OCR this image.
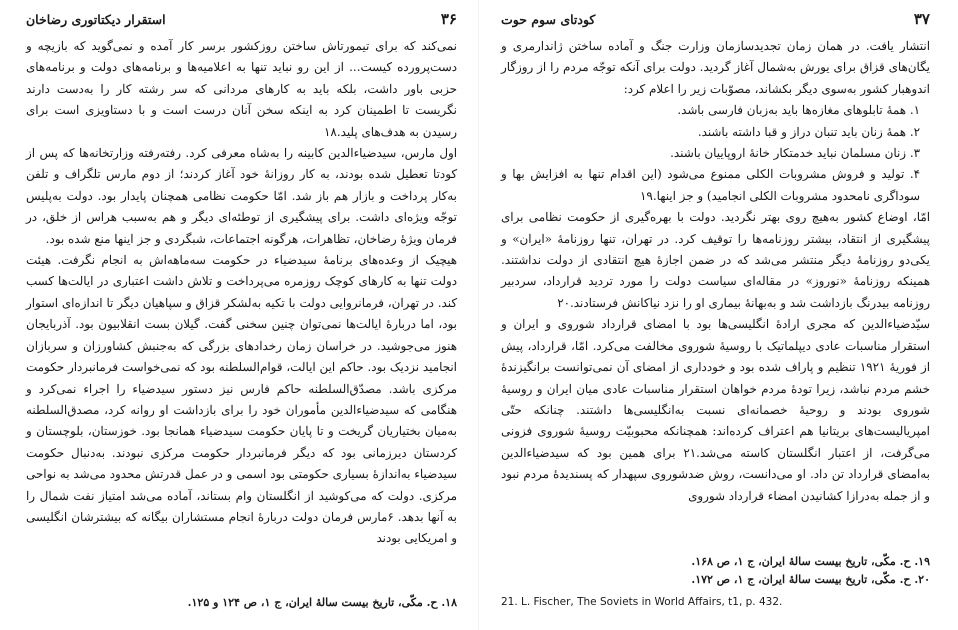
۳۶
استقرار دیکتاتوری رضاخان

نمی‌کند که برای تیمورتاش ساختن روزکشور برسر کار آمده و نمی‌گوید که بازیچه و دست‌پرورده کیست... از این رو نباید تنها به اعلامیه‌ها و برنامه‌های دولت و برنامه‌های حزبی باور داشت، بلکه باید به کارهای مردانی که سر رشته کار را به‌دست دارند نگریست تا اطمینان کرد به اینکه سخن آنان درست است و با دستاویزی است برای رسیدن به هدف‌های پلید.۱۸

اول مارس، سیدضیاءالدین کابینه را به‌شاه معرفی کرد. رفته‌رفته وزارتخانه‌ها که پس از کودتا تعطیل شده بودند، به کار روزانهٔ خود آغاز کردند؛ از دوم مارس تلگراف و تلفن به‌کار پرداخت و بازار هم باز شد. امّا حکومت نظامی همچنان پایدار بود. دولت به‌پلیس توجّه ویژه‌ای داشت. برای پیشگیری از توطئه‌ای دیگر و هم به‌سبب هراس از خلق، در فرمان ویژهٔ رضاخان، تظاهرات، هرگونه اجتماعات، شبگردی و جز اینها منع شده بود.

هیچیک از وعده‌های برنامهٔ سیدضیاء در حکومت سه‌ماهه‌اش به انجام نگرفت. هیئت دولت تنها به کارهای کوچک روزمره می‌پرداخت و تلاش داشت اعتباری در ایالت‌ها کسب کند. در تهران، فرمانروایی دولت با تکیه به‌لشکر قزاق و سپاهیان دیگر تا اندازه‌ای استوار بود، اما دربارهٔ ایالت‌ها نمی‌توان چنین سخنی گفت. گیلان بست انقلابیون بود. آذربایجان هنوز می‌جوشید. در خراسان زمان رخدادهای بزرگی که به‌جنبش کشاورزان و سربازان انجامید نزدیک بود. حاکم این ایالت، قوام‌السلطنه بود که نمی‌خواست فرمانبردار حکومت مرکزی باشد. مصدّق‌السلطنه حاکم فارس نیز دستور سیدضیاء را اجراء نمی‌کرد و هنگامی که سیدضیاءالدین مأموران خود را برای بازداشت او روانه کرد، مصدق‌السلطنه به‌میان بختیاریان گریخت و تا پایان حکومت سیدضیاء همانجا بود. خوزستان، بلوچستان و کردستان دیرزمانی بود که دیگر فرمانبردار حکومت مرکزی نبودند. به‌دنبال حکومت سیدضیاء به‌اندازهٔ بسیاری حکومتی بود اسمی و در عمل قدرتش محدود می‌شد به نواحی مرکزی. دولت که می‌کوشید از انگلستان وام بستاند، آماده می‌شد امتیاز نفت شمال را به آنها بدهد. ۶مارس فرمان دولت دربارهٔ انجام مستشاران بیگانه که بیشترشان انگلیسی و امریکایی بودند

۱۸. ح. مکّی، تاریخ بیست سالهٔ ایران، ج ۱، ص ۱۲۴ و ۱۲۵.
۳۷
کودتای سوم حوت

انتشار یافت. در همان زمان تجدیدسازمان وزارت جنگ و آماده ساختن ژاندارمری و یگان‌های قزاق برای یورش به‌شمال آغاز گردید. دولت برای آنکه توجّه مردم را از روزگار اندوهبار کشور به‌سوی دیگر بکشاند، مصوّبات زیر را اعلام کرد:

۱. همهٔ تابلوهای مغازه‌ها باید به‌زبان فارسی باشد.
۲. همهٔ زنان باید تنبان دراز و قبا داشته باشند.
۳. زنان مسلمان نباید خدمتکار خانهٔ اروپاییان باشند.
۴. تولید و فروش مشروبات الکلی ممنوع می‌شود (این اقدام تنها به افزایش بها و سوداگری نامحدود مشروبات الکلی انجامید) و جز اینها.۱۹

امّا، اوضاع کشور به‌هیچ روی بهتر نگردید. دولت با بهره‌گیری از حکومت نظامی برای پیشگیری از انتقاد، بیشتر روزنامه‌ها را توقیف کرد. در تهران، تنها روزنامهٔ «ایران» و یکی‌دو روزنامهٔ دیگر منتشر می‌شد که در ضمن اجازهٔ هیچ انتقادی از دولت نداشتند. همینکه روزنامهٔ «نوروز» در مقاله‌ای سیاست دولت را مورد تردید قرارداد، سردبیر روزنامه بیدرنگ بازداشت شد و به‌بهانهٔ بیماری او را نزد نیاکانش فرستادند.۲۰

سیّدضیاءالدین که مجری ارادهٔ انگلیسی‌ها بود با امضای قرارداد شوروی و ایران و استقرار مناسبات عادی دیپلماتیک با روسیهٔ شوروی مخالفت می‌کرد. امّا، قرارداد، پیش از فوریهٔ ۱۹۲۱ تنظیم و پاراف شده بود و خودداری از امضای آن نمی‌توانست برانگیزندهٔ خشم مردم نباشد، زیرا تودهٔ مردم خواهان استقرار مناسبات عادی میان ایران و روسیهٔ شوروی بودند و روحیهٔ خصمانه‌ای نسبت به‌انگلیسی‌ها داشتند. چنانکه حتّی امپریالیست‌های بریتانیا هم اعتراف کرده‌اند: همچنانکه محبوبیّت روسیهٔ شوروی فزونی می‌گرفت، از اعتبار انگلستان کاسته می‌شد.۲۱ برای همین بود که سیدضیاءالدین به‌امضای قرارداد تن داد. او می‌دانست، روش ضدشوروی سپهدار که پسندیدهٔ مردم نبود و از جمله به‌درازا کشانیدن امضاء قرارداد شوروی

۱۹. ح. مکّی، تاریخ بیست سالهٔ ایران، ج ۱، ص ۱۶۸.
۲۰. ح. مکّی، تاریخ بیست سالهٔ ایران، ج ۱، ص ۱۷۲.
21. L. Fischer, The Soviets in World Affairs, t1, p. 432.
